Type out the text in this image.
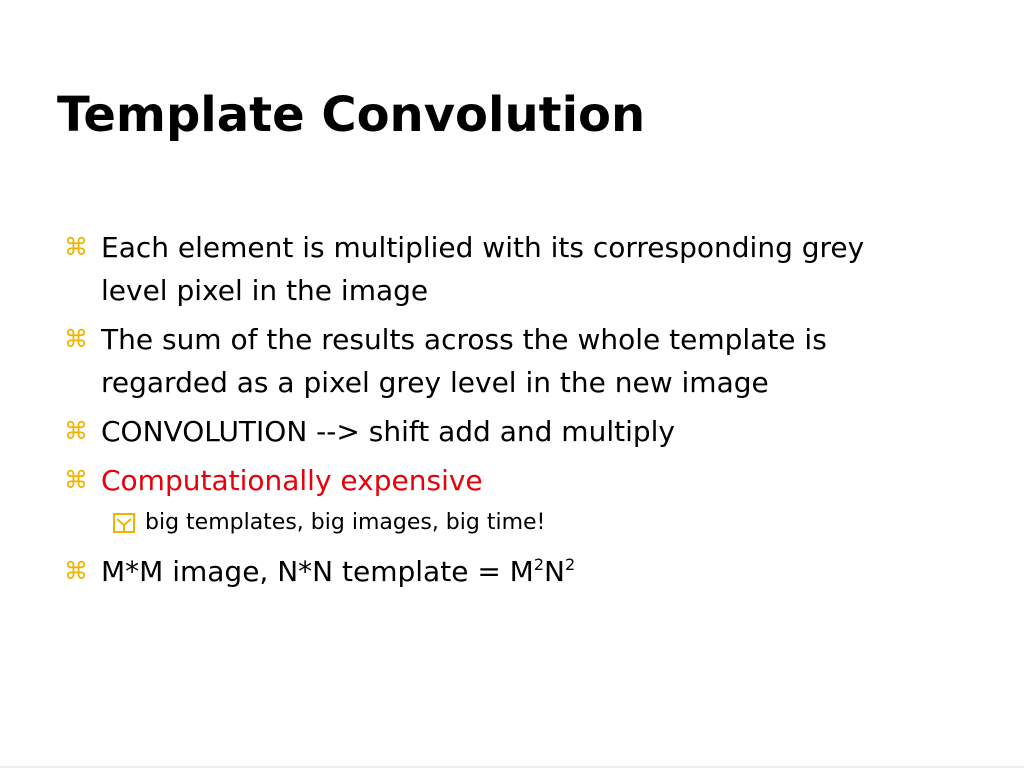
Template Convolution
⌘ Each element is multiplied with its corresponding grey level pixel in the image
⌘ The sum of the results across the whole template is regarded as a pixel grey level in the new image
⌘ CONVOLUTION --> shift add and multiply
⌘ Computationally expensive
big templates, big images, big time!
⌘ M*M image, N*N template = $M^2N^2$
